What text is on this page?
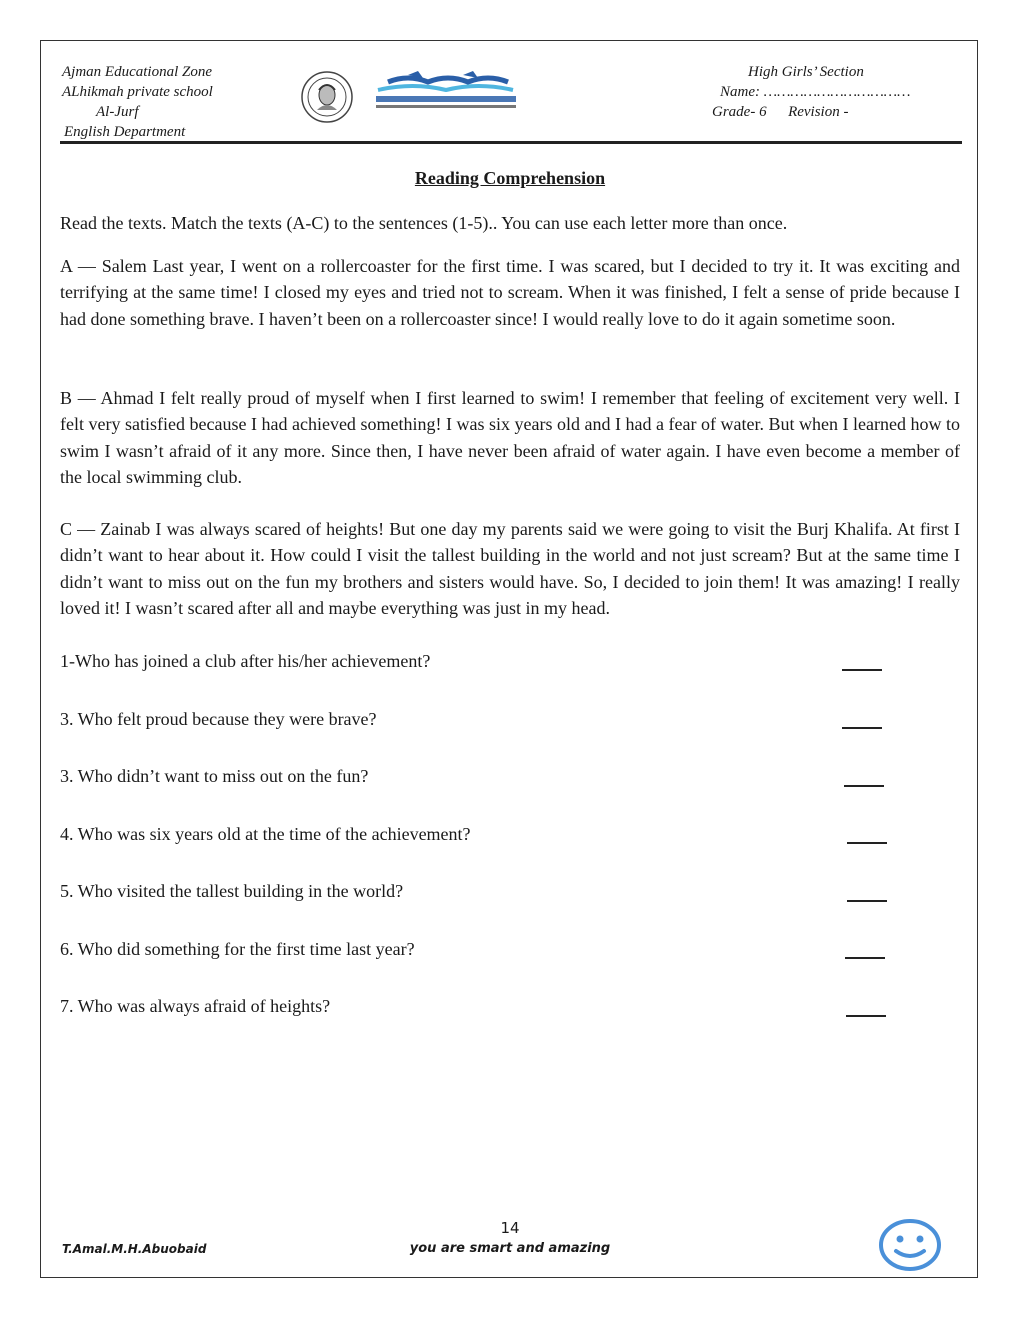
Ajman Educational Zone
ALhikmah private school
Al-Jurf
English Department
High Girls’ Section
Name: ……………………………
Grade- 6 Revision -
Reading Comprehension
Read the texts. Match the texts (A-C) to the sentences (1-5).. You can use each letter more than once.
A — Salem Last year, I went on a rollercoaster for the first time. I was scared, but I decided to try it. It was exciting and terrifying at the same time! I closed my eyes and tried not to scream. When it was finished, I felt a sense of pride because I had done something brave. I haven’t been on a rollercoaster since! I would really love to do it again sometime soon.
B — Ahmad I felt really proud of myself when I first learned to swim! I remember that feeling of excitement very well. I felt very satisfied because I had achieved something! I was six years old and I had a fear of water. But when I learned how to swim I wasn’t afraid of it any more. Since then, I have never been afraid of water again. I have even become a member of the local swimming club.
C — Zainab I was always scared of heights! But one day my parents said we were going to visit the Burj Khalifa. At first I didn’t want to hear about it. How could I visit the tallest building in the world and not just scream? But at the same time I didn’t want to miss out on the fun my brothers and sisters would have. So, I decided to join them! It was amazing! I really loved it! I wasn’t scared after all and maybe everything was just in my head.
1-Who has joined a club after his/her achievement?
3. Who felt proud because they were brave?
3. Who didn’t want to miss out on the fun?
4. Who was six years old at the time of the achievement?
5. Who visited the tallest building in the world?
6. Who did something for the first time last year?
7. Who was always afraid of heights?
14
T.Amal.M.H.Abuobaid	you are smart and amazing
